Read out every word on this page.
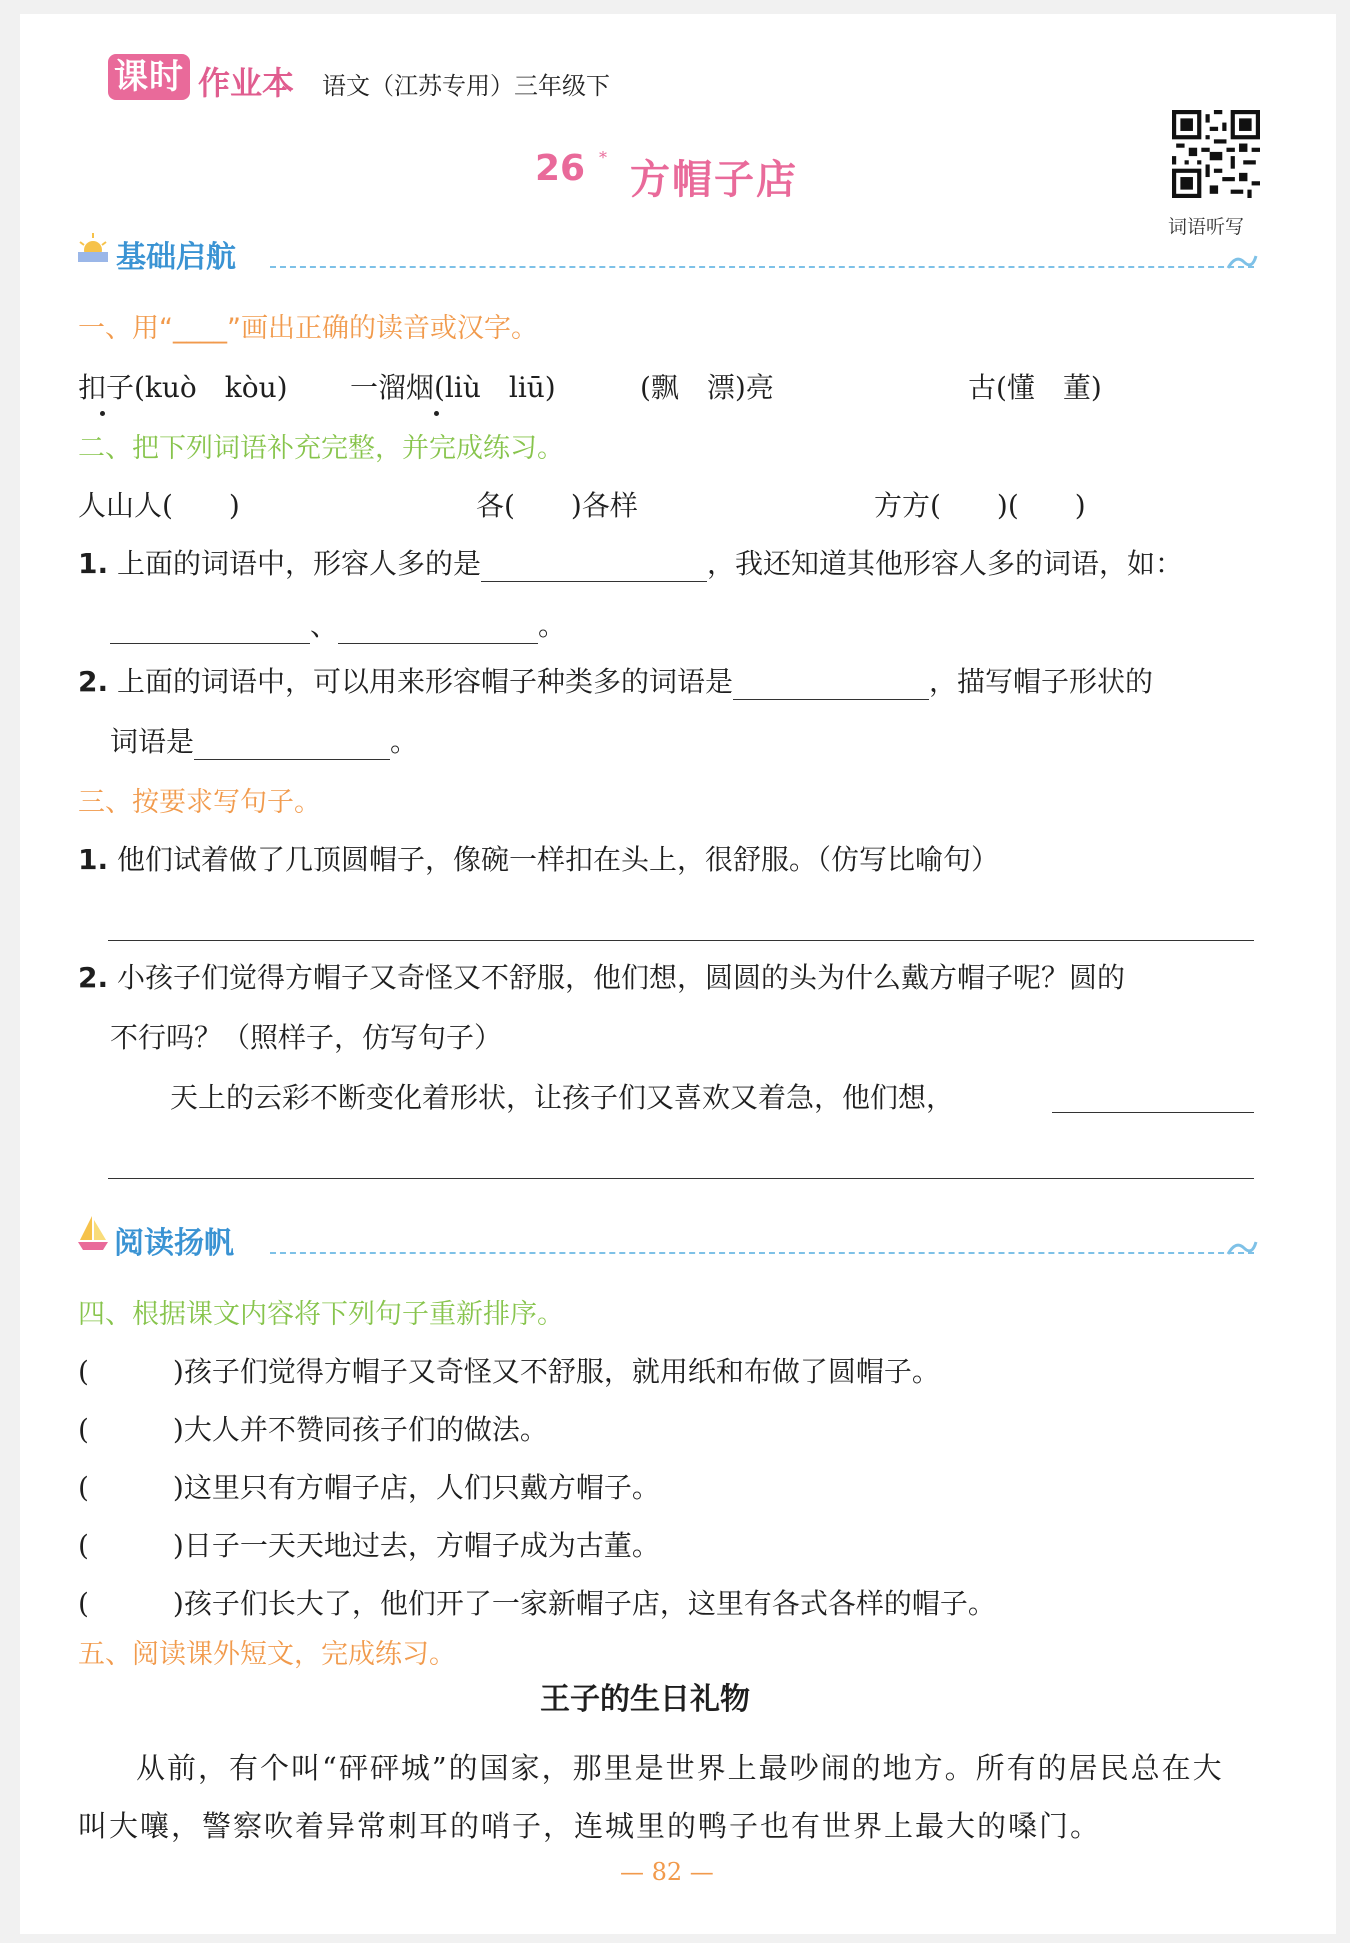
课时 作业本 语文（江苏专用）三年级下
26 * 方帽子店
词语听写
基础启航
一、用“____”画出正确的读音或汉字。
扣子(kuò　kòu) 一溜烟(liù　liū)	(飘　漂)亮	古(懂　董)
二、把下列词语补充完整，并完成练习。
人山人(　　)	各(　　)各样	方方(　　)(　　)
1. 上面的词语中，形容人多的是	，我还知道其他形容人多的词语，如：
、	。
2. 上面的词语中，可以用来形容帽子种类多的词语是	，描写帽子形状的
词语是	。
三、按要求写句子。
1. 他们试着做了几顶圆帽子，像碗一样扣在头上，很舒服。（仿写比喻句）
2. 小孩子们觉得方帽子又奇怪又不舒服，他们想，圆圆的头为什么戴方帽子呢？圆的
不行吗？（照样子，仿写句子）
天上的云彩不断变化着形状，让孩子们又喜欢又着急，他们想，
阅读扬帆
四、根据课文内容将下列句子重新排序。
(　　　)孩子们觉得方帽子又奇怪又不舒服，就用纸和布做了圆帽子。
(　　　)大人并不赞同孩子们的做法。
(　　　)这里只有方帽子店，人们只戴方帽子。
(　　　)日子一天天地过去，方帽子成为古董。
(　　　)孩子们长大了，他们开了一家新帽子店，这里有各式各样的帽子。
五、阅读课外短文，完成练习。
王子的生日礼物
从前，有个叫“砰砰城”的国家，那里是世界上最吵闹的地方。所有的居民总在大
叫大嚷，警察吹着异常刺耳的哨子，连城里的鸭子也有世界上最大的嗓门。
— 82 —
